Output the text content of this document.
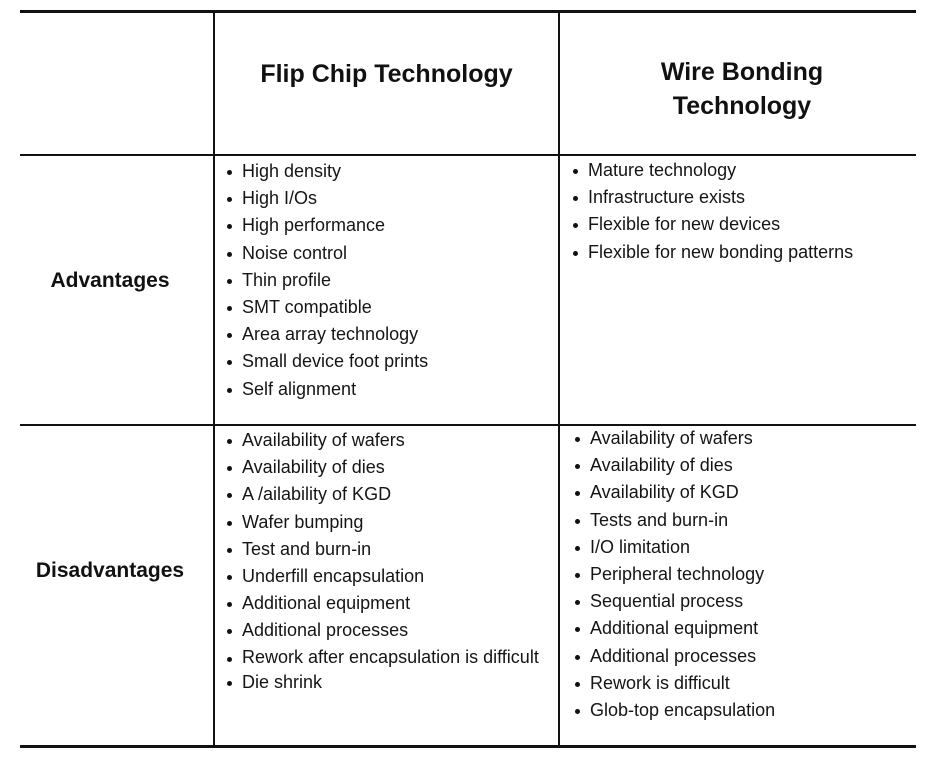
Flip Chip Technology	Wire Bonding
Technology
Advantages
Disadvantages
High density
High I/Os
High performance
Noise control
Thin profile
SMT compatible
Area array technology
Small device foot prints
Self alignment
Mature technology
Infrastructure exists
Flexible for new devices
Flexible for new bonding patterns
Availability of wafers
Availability of dies
A /ailability of KGD
Wafer bumping
Test and burn-in
Underfill encapsulation
Additional equipment
Additional processes
Rework after encapsulation is difficult
Die shrink
Availability of wafers
Availability of dies
Availability of KGD
Tests and burn-in
I/O limitation
Peripheral technology
Sequential process
Additional equipment
Additional processes
Rework is difficult
Glob-top encapsulation
